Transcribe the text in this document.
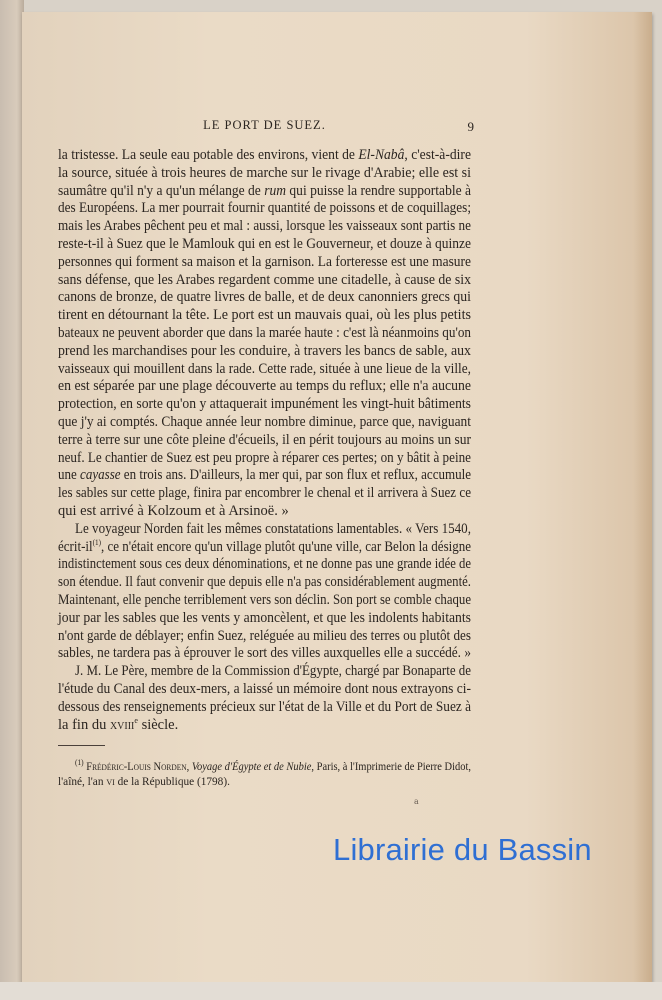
LE PORT DE SUEZ.	9
la tristesse. La seule eau potable des environs, vient de El-Nabâ, c'est-à-dire
la source, située à trois heures de marche sur le rivage d'Arabie; elle est si
saumâtre qu'il n'y a qu'un mélange de rum qui puisse la rendre supportable à
des Européens. La mer pourrait fournir quantité de poissons et de coquillages;
mais les Arabes pêchent peu et mal : aussi, lorsque les vaisseaux sont partis ne
reste-t-il à Suez que le Mamlouk qui en est le Gouverneur, et douze à quinze
personnes qui forment sa maison et la garnison. La forteresse est une masure
sans défense, que les Arabes regardent comme une citadelle, à cause de six
canons de bronze, de quatre livres de balle, et de deux canonniers grecs qui
tirent en détournant la tête. Le port est un mauvais quai, où les plus petits
bateaux ne peuvent aborder que dans la marée haute : c'est là néanmoins qu'on
prend les marchandises pour les conduire, à travers les bancs de sable, aux
vaisseaux qui mouillent dans la rade. Cette rade, située à une lieue de la ville,
en est séparée par une plage découverte au temps du reflux; elle n'a aucune
protection, en sorte qu'on y attaquerait impunément les vingt-huit bâtiments
que j'y ai comptés. Chaque année leur nombre diminue, parce que, naviguant
terre à terre sur une côte pleine d'écueils, il en périt toujours au moins un sur
neuf. Le chantier de Suez est peu propre à réparer ces pertes; on y bâtit à peine
une cayasse en trois ans. D'ailleurs, la mer qui, par son flux et reflux, accumule
les sables sur cette plage, finira par encombrer le chenal et il arrivera à Suez ce
qui est arrivé à Kolzoum et à Arsinoë. »
Le voyageur Norden fait les mêmes constatations lamentables. « Vers 1540,
écrit-$il^{(1)}$, ce n'était encore qu'un village plutôt qu'une ville, car Belon la désigne
indistinctement sous ces deux dénominations, et ne donne pas une grande idée de
son étendue. Il faut convenir que depuis elle n'a pas considérablement augmenté.
Maintenant, elle penche terriblement vers son déclin. Son port se comble chaque
jour par les sables que les vents y amoncèlent, et que les indolents habitants
n'ont garde de déblayer; enfin Suez, reléguée au milieu des terres ou plutôt des
sables, ne tardera pas à éprouver le sort des villes auxquelles elle a succédé. »
J. M. Le Père, membre de la Commission d'Égypte, chargé par Bonaparte de
l'étude du Canal des deux-mers, a laissé un mémoire dont nous extrayons ci-
dessous des renseignements précieux sur l'état de la Ville et du Port de Suez à
la fin du xviii$^e$ siècle.
$^{(1)}$ Frédéric-Louis Norden, Voyage d'Égypte et de Nubie, Paris, à l'Imprimerie de Pierre Didot,
l'aîné, l'an vi de la République (1798).
a
Librairie du Bassin
